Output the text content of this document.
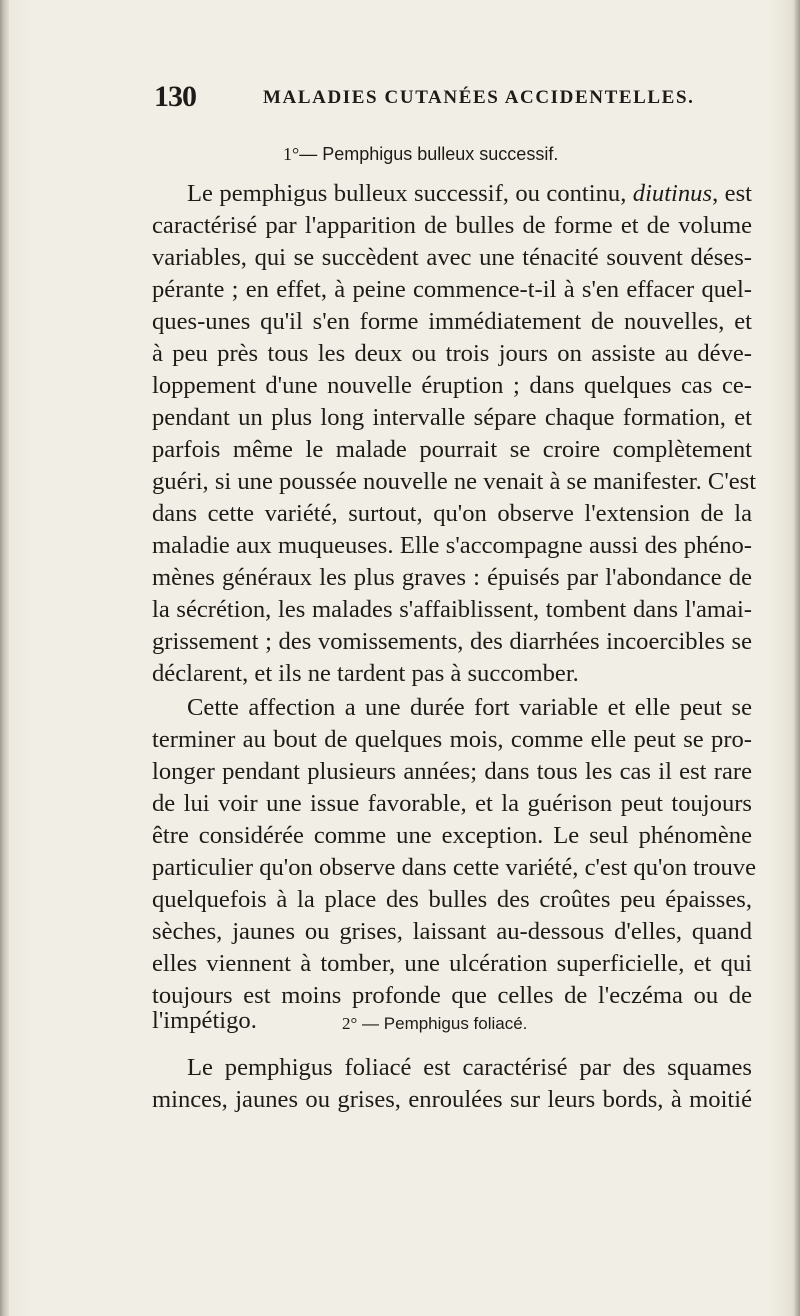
130	MALADIES CUTANÉES ACCIDENTELLES.
1°— Pemphigus bulleux successif.
Le pemphigus bulleux successif, ou continu, diutinus, est
caractérisé par l'apparition de bulles de forme et de volume
variables, qui se succèdent avec une ténacité souvent déses-
pérante ; en effet, à peine commence-t-il à s'en effacer quel-
ques-unes qu'il s'en forme immédiatement de nouvelles, et
à peu près tous les deux ou trois jours on assiste au déve-
loppement d'une nouvelle éruption ; dans quelques cas ce-
pendant un plus long intervalle sépare chaque formation, et
parfois même le malade pourrait se croire complètement
guéri, si une poussée nouvelle ne venait à se manifester. C'est
dans cette variété, surtout, qu'on observe l'extension de la
maladie aux muqueuses. Elle s'accompagne aussi des phéno-
mènes généraux les plus graves : épuisés par l'abondance de
la sécrétion, les malades s'affaiblissent, tombent dans l'amai-
grissement ; des vomissements, des diarrhées incoercibles se
déclarent, et ils ne tardent pas à succomber.
Cette affection a une durée fort variable et elle peut se
terminer au bout de quelques mois, comme elle peut se pro-
longer pendant plusieurs années; dans tous les cas il est rare
de lui voir une issue favorable, et la guérison peut toujours
être considérée comme une exception. Le seul phénomène
particulier qu'on observe dans cette variété, c'est qu'on trouve
quelquefois à la place des bulles des croûtes peu épaisses,
sèches, jaunes ou grises, laissant au-dessous d'elles, quand
elles viennent à tomber, une ulcération superficielle, et qui
toujours est moins profonde que celles de l'eczéma ou de
l'impétigo.	2° — Pemphigus foliacé.
Le pemphigus foliacé est caractérisé par des squames
minces, jaunes ou grises, enroulées sur leurs bords, à moitié
